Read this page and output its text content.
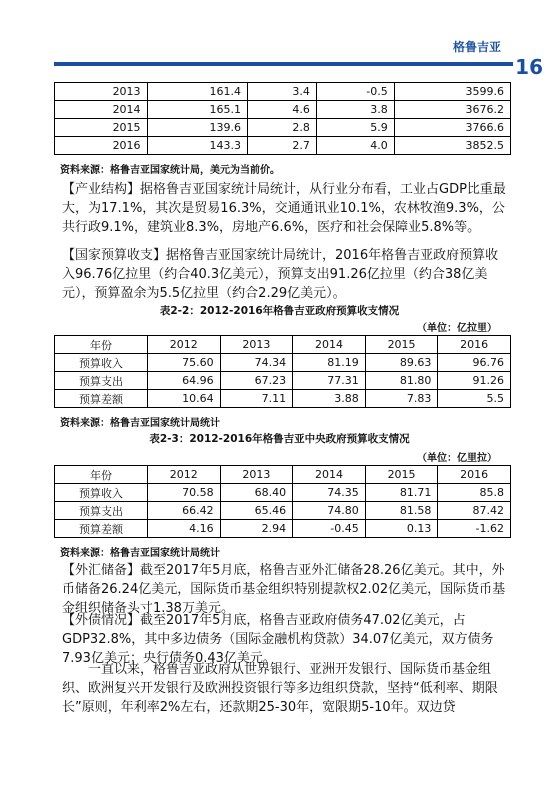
格鲁吉亚
16
2013	161.4	3.4	-0.5	3599.6
2014	165.1	4.6	3.8	3676.2
2015	139.6	2.8	5.9	3766.6
2016	143.3	2.7	4.0	3852.5
资料来源：格鲁吉亚国家统计局，美元为当前价。

【产业结构】据格鲁吉亚国家统计局统计，从行业分布看，工业占GDP比重最大，为17.1%，其次是贸易16.3%，交通通讯业10.1%，农林牧渔9.3%，公共行政9.1%，建筑业8.3%，房地产6.6%，医疗和社会保障业5.8%等。

【国家预算收支】据格鲁吉亚国家统计局统计，2016年格鲁吉亚政府预算收入96.76亿拉里（约合40.3亿美元），预算支出91.26亿拉里（约合38亿美元），预算盈余为5.5亿拉里（约合2.29亿美元）。

表2-2：2012-2016年格鲁吉亚政府预算收支情况
（单位：亿拉里）
年份	2012	2013	2014	2015	2016
预算收入	75.60	74.34	81.19	89.63	96.76
预算支出	64.96	67.23	77.31	81.80	91.26
预算差额	10.64	7.11	3.88	7.83	5.5
资料来源：格鲁吉亚国家统计局统计
表2-3：2012-2016年格鲁吉亚中央政府预算收支情况
（单位：亿里拉）
年份	2012	2013	2014	2015	2016
预算收入	70.58	68.40	74.35	81.71	85.8
预算支出	66.42	65.46	74.80	81.58	87.42
预算差额	4.16	2.94	-0.45	0.13	-1.62
资料来源：格鲁吉亚国家统计局统计

【外汇储备】截至2017年5月底，格鲁吉亚外汇储备28.26亿美元。其中，外币储备26.24亿美元，国际货币基金组织特别提款权2.02亿美元，国际货币基金组织储备头寸1.38万美元。

【外债情况】截至2017年5月底，格鲁吉亚政府债务47.02亿美元，占GDP32.8%，其中多边债务（国际金融机构贷款）34.07亿美元，双方债务7.93亿美元；央行债务0.43亿美元。

一直以来，格鲁吉亚政府从世界银行、亚洲开发银行、国际货币基金组织、欧洲复兴开发银行及欧洲投资银行等多边组织贷款，坚持“低利率、期限长”原则，年利率2%左右，还款期25-30年，宽限期5-10年。双边贷
